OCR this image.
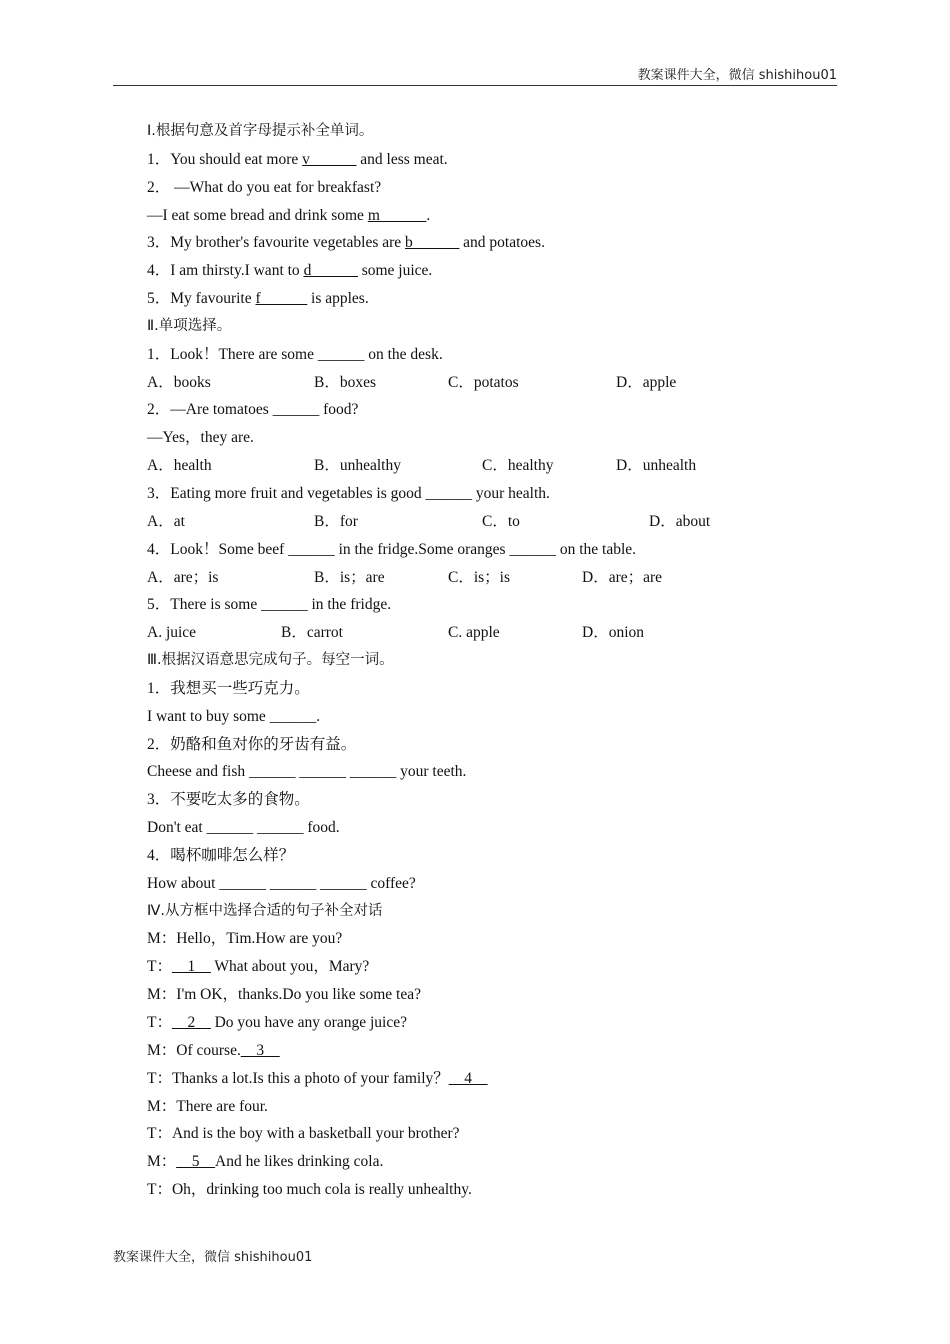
教案课件大全，微信 shishihou01
Ⅰ.根据句意及首字母提示补全单词。
1．You should eat more v______ and less meat.
2． —What do you eat for breakfast?
—I eat some bread and drink some m______.
3．My brother's favourite vegetables are b______ and potatoes.
4．I am thirsty.I want to d______ some juice.
5．My favourite f______ is apples.
Ⅱ.单项选择。
1．Look！There are some ______ on the desk.
A．books	B．boxes	C．potatos	D．apple
2．—Are tomatoes ______ food?
—Yes，they are.
A．health	B．unhealthy	C．healthy	D．unhealth
3．Eating more fruit and vegetables is good ______ your health.
A．at	B．for	C．to	D．about
4．Look！Some beef ______ in the fridge.Some oranges ______ on the table.
A．are；is	B．is；are	C．is；is	D．are；are
5．There is some ______ in the fridge.
A. juice	B．carrot	C. apple	D．onion
Ⅲ.根据汉语意思完成句子。每空一词。
1．我想买一些巧克力。
I want to buy some ______.
2．奶酪和鱼对你的牙齿有益。
Cheese and fish ______ ______ ______ your teeth.
3．不要吃太多的食物。
Don't eat ______ ______ food.
4．喝杯咖啡怎么样？
How about ______ ______ ______ coffee?
Ⅳ.从方框中选择合适的句子补全对话
M：Hello，Tim.How are you?
T：__1__ What about you，Mary?
M：I'm OK，thanks.Do you like some tea?
T：__2__ Do you have any orange juice?
M：Of course.__3__
T：Thanks a lot.Is this a photo of your family？__4__
M：There are four.
T：And is the boy with a basketball your brother?
M：__5__And he likes drinking cola.
T：Oh，drinking too much cola is really unhealthy.
教案课件大全，微信 shishihou01
